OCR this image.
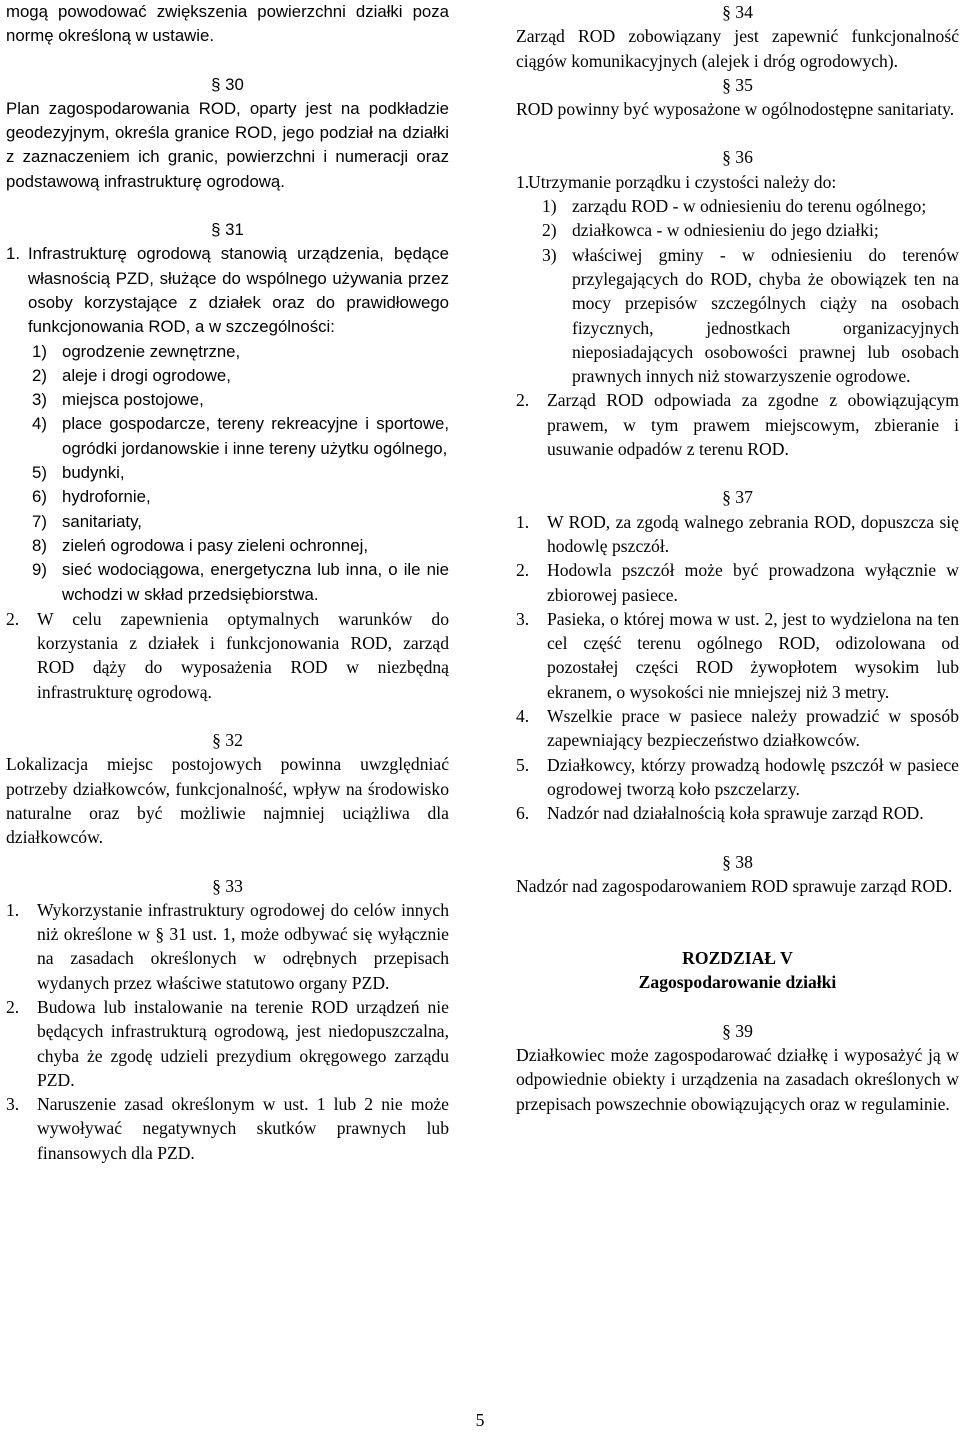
mogą powodować zwiększenia powierzchni działki poza normę określoną w ustawie.

§ 30

Plan zagospodarowania ROD, oparty jest na podkładzie geodezyjnym, określa granice ROD, jego podział na działki z zaznaczeniem ich granic, powierzchni i numeracji oraz podstawową infrastrukturę ogrodową.

§ 31

1. Infrastrukturę ogrodową stanowią urządzenia, będące własnością PZD, służące do wspólnego używania przez osoby korzystające z działek oraz do prawidłowego funkcjonowania ROD, a w szczególności:
1) ogrodzenie zewnętrzne,
2) aleje i drogi ogrodowe,
3) miejsca postojowe,
4) place gospodarcze, tereny rekreacyjne i sportowe, ogródki jordanowskie i inne tereny użytku ogólnego,
5) budynki,
6) hydrofornie,
7) sanitariaty,
8) zieleń ogrodowa i pasy zieleni ochronnej,
9) sieć wodociągowa, energetyczna lub inna, o ile nie wchodzi w skład przedsiębiorstwa.
2.	W celu zapewnienia optymalnych warunków do korzystania z działek i funkcjonowania ROD, zarząd ROD dąży do wyposażenia ROD w niezbędną infrastrukturę ogrodową.

§ 32

Lokalizacja miejsc postojowych powinna uwzględniać potrzeby działkowców, funkcjonalność, wpływ na środowisko naturalne oraz być możliwie najmniej uciążliwa dla działkowców.

§ 33

1.	Wykorzystanie infrastruktury ogrodowej do celów innych niż określone w § 31 ust. 1, może odbywać się wyłącznie na zasadach określonych w odrębnych przepisach wydanych przez właściwe statutowo organy PZD.
2.	Budowa lub instalowanie na terenie ROD urządzeń nie będących infrastrukturą ogrodową, jest niedopuszczalna, chyba że zgodę udzieli prezydium okręgowego zarządu PZD.
3.	Naruszenie zasad określonym w ust. 1 lub 2 nie może wywoływać negatywnych skutków prawnych lub finansowych dla PZD.

§ 34

Zarząd ROD zobowiązany jest zapewnić funkcjonalność ciągów komunikacyjnych (alejek i dróg ogrodowych).

§ 35

ROD powinny być wyposażone w ogólnodostępne sanitariaty.

§ 36

1.
Utrzymanie porządku i czystości należy do:
1) zarządu ROD - w odniesieniu do terenu ogólnego;
2) działkowca - w odniesieniu do jego działki;
3) właściwej gminy - w odniesieniu do terenów przylegających do ROD, chyba że obowiązek ten na mocy przepisów szczególnych ciąży na osobach fizycznych, jednostkach organizacyjnych nieposiadających osobowości prawnej lub osobach prawnych innych niż stowarzyszenie ogrodowe.
2.	Zarząd ROD odpowiada za zgodne z obowiązującym prawem, w tym prawem miejscowym, zbieranie i usuwanie odpadów z terenu ROD.

§ 37

1.	W ROD, za zgodą walnego zebrania ROD, dopuszcza się hodowlę pszczół.
2.	Hodowla pszczół może być prowadzona wyłącznie w zbiorowej pasiece.
3.	Pasieka, o której mowa w ust. 2, jest to wydzielona na ten cel część terenu ogólnego ROD, odizolowana od pozostałej części ROD żywopłotem wysokim lub ekranem, o wysokości nie mniejszej niż 3 metry.
4.	Wszelkie prace w pasiece należy prowadzić w sposób zapewniający bezpieczeństwo działkowców.
5.	Działkowcy, którzy prowadzą hodowlę pszczół w pasiece ogrodowej tworzą koło pszczelarzy.
6.	Nadzór nad działalnością koła sprawuje zarząd ROD.

§ 38

Nadzór nad zagospodarowaniem ROD sprawuje zarząd ROD.

ROZDZIAŁ V

Zagospodarowanie działki

§ 39

Działkowiec może zagospodarować działkę i wyposażyć ją w odpowiednie obiekty i urządzenia na zasadach określonych w przepisach powszechnie obowiązujących oraz w regulaminie.

5
